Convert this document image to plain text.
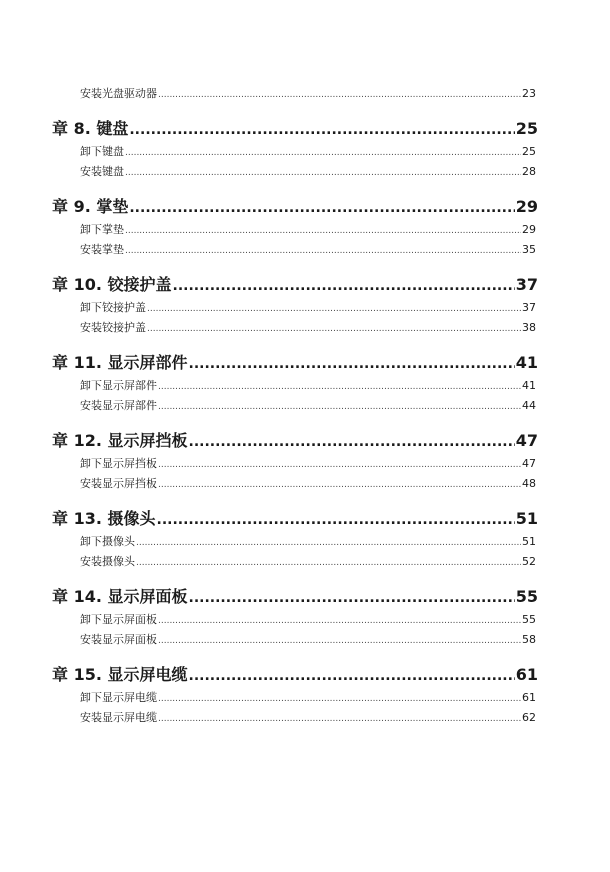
安装光盘驱动器 .....	23
章 8. 键盘 .....	25
卸下键盘 .....	25
安装键盘 .....	28
章 9. 掌垫 .....	29
卸下掌垫 .....	29
安装掌垫 .....	35
章 10. 铰接护盖 .....	37
卸下铰接护盖 .....	37
安装铰接护盖 .....	38
章 11. 显示屏部件 .....	41
卸下显示屏部件 .....	41
安装显示屏部件 .....	44
章 12. 显示屏挡板 .....	47
卸下显示屏挡板 .....	47
安装显示屏挡板 .....	48
章 13. 摄像头 .....	51
卸下摄像头 .....	51
安装摄像头 .....	52
章 14. 显示屏面板 .....	55
卸下显示屏面板 .....	55
安装显示屏面板 .....	58
章 15. 显示屏电缆 .....	61
卸下显示屏电缆 .....	61
安装显示屏电缆 .....	62
